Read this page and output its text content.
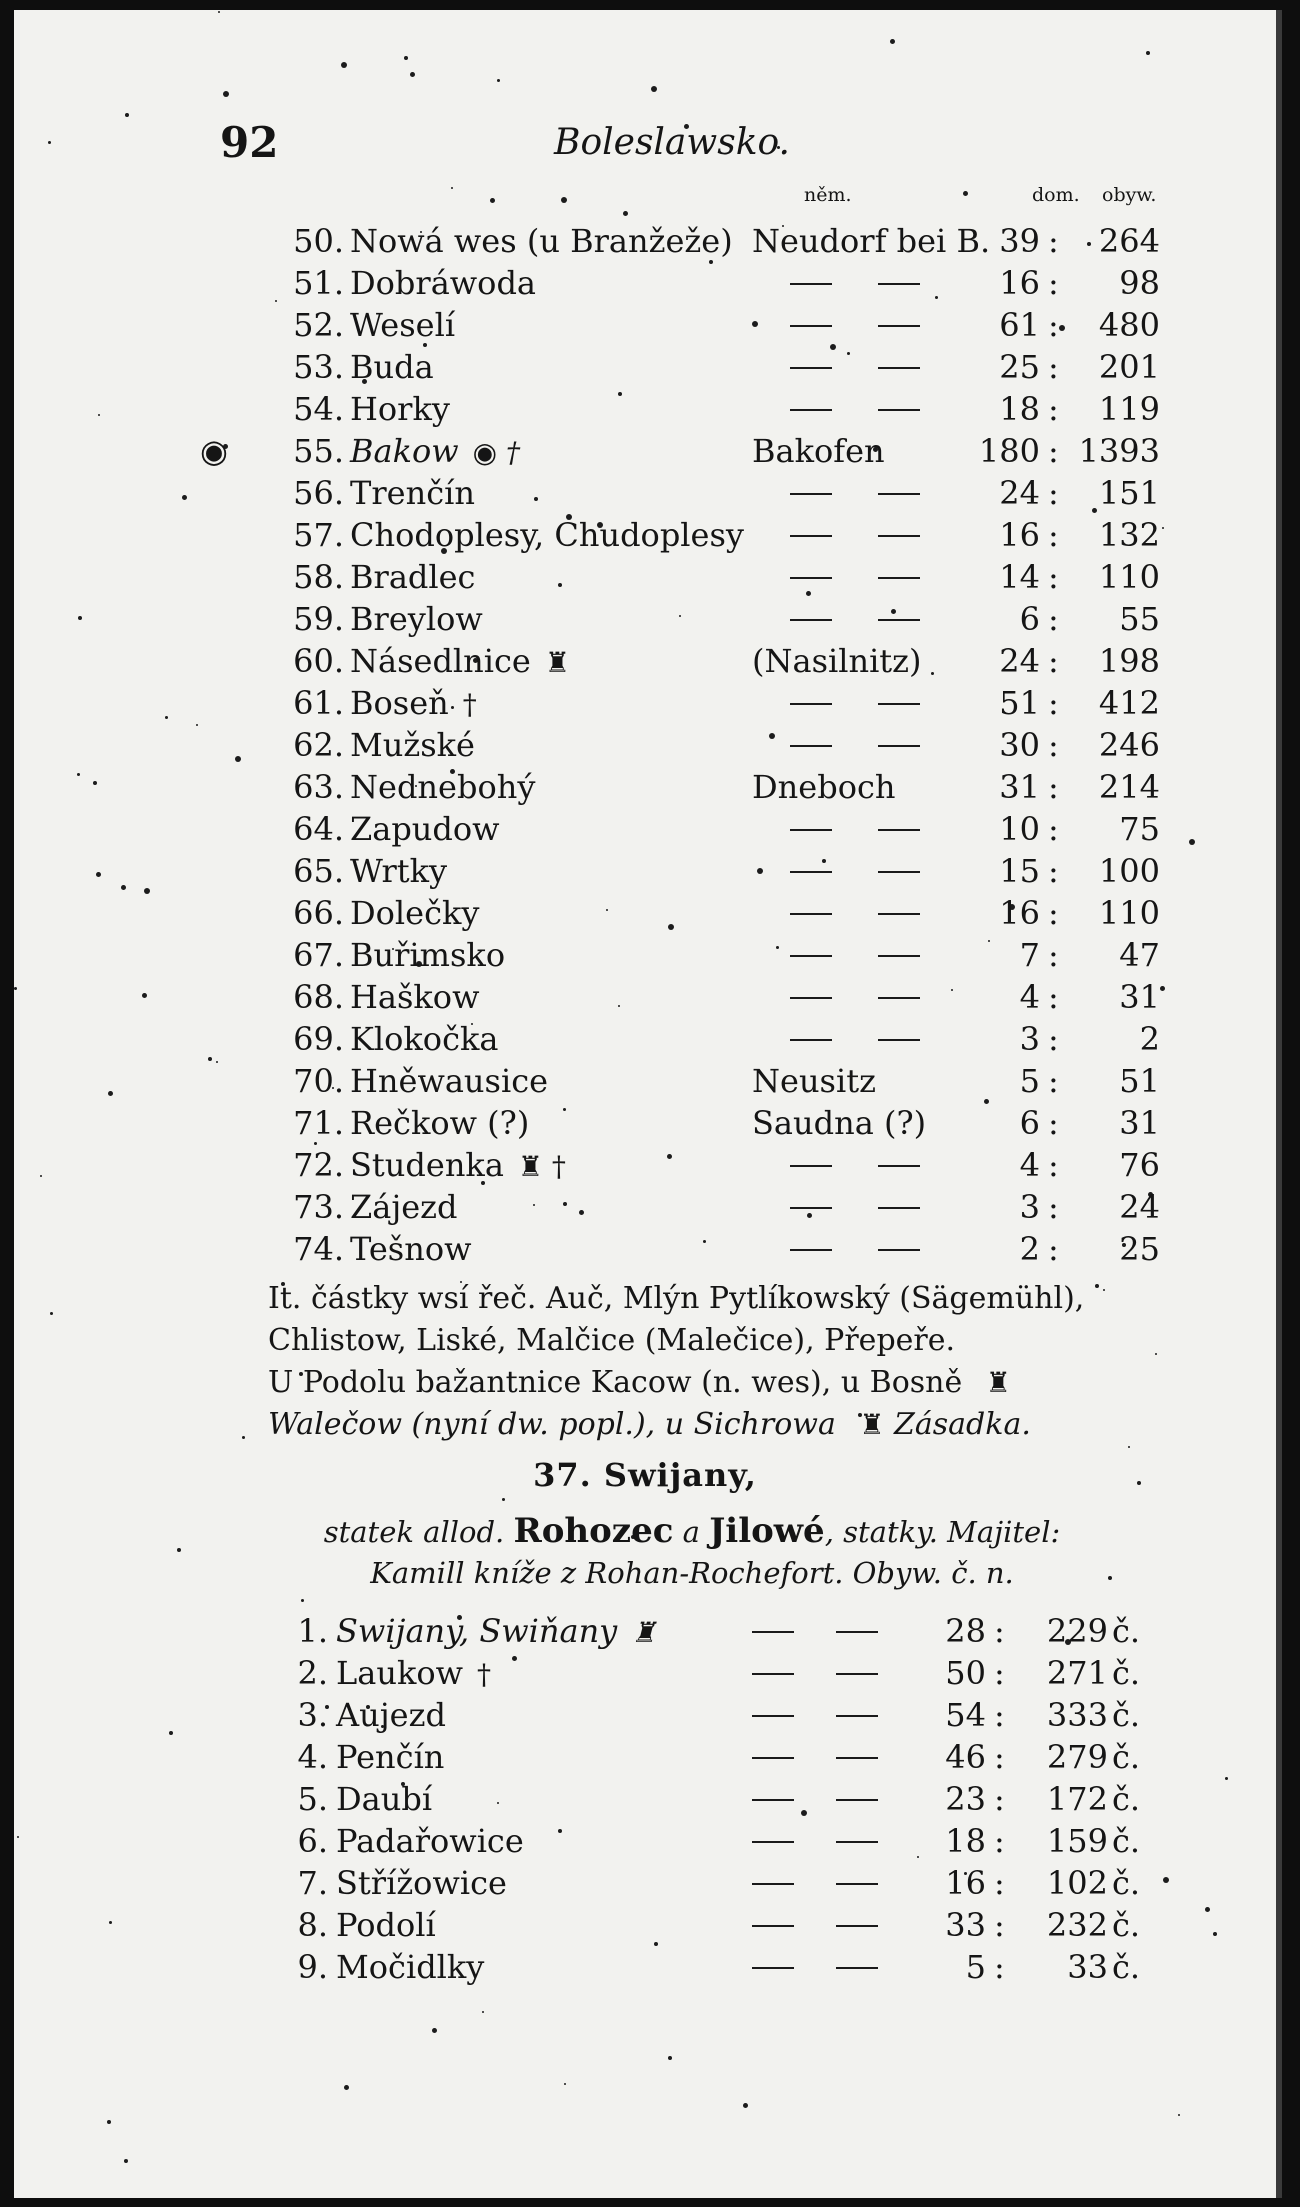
92	Boleslawsko.
něm.	dom. obyw.
50. Nowá wes (u Branžeže) Neudorf bei B. 39 :	264
51. Dobráwoda	16 :	98
52. Weselí	61 :	480
53. Buda	25 :	201
54. Horky	18 :	119
◉	55. Bakow ◉ †	Bakofen	180 : 1393
56. Trenčín	24 :	151
57. Chodoplesy, Chudoplesy	16 :	132
58. Bradlec	14 :	110
59. Breylow	6 :	55
60. Násedlnice ♜	(Nasilnitz)	24 :	198
61. Boseň †	51 :	412
62. Mužské	30 :	246
63. Nednebohý	Dneboch	31 :	214
64. Zapudow	10 :	75
65. Wrtky	15 :	100
66. Dolečky	16 :	110
67. Buřimsko	7 :	47
68. Haškow	4 :	31
69. Klokočka	3 :	2
70. Hněwausice	Neusitz	5 :	51
71. Rečkow (?)	Saudna (?)	6 :	31
72. Studenka ♜ †	4 :	76
73. Zájezd	3 :	24
74. Tešnow	2 :	25

It. částky wsí řeč. Auč, Mlýn Pytlíkowský (Sägemühl), Chlistow, Liské, Malčice (Malečice), Přepeře.

U Podolu bažantnice Kacow (n. wes), u Bosně ♜ Walečow (nyní dw. popl.), u Sichrowa ♜ Zásadka.

37. Swijany,
statek allod. Rohozec a Jilowé, statky. Majitel:
Kamill kníže z Rohan-Rochefort. Obyw. č. n.
1. Swijany, Swiňany ♜	28 :	229 č.
2. Laukow †	50 :	271 č.
3. Aujezd	54 :	333 č.
4. Penčín	46 :	279 č.
5. Daubí	23 :	172 č.
6. Padařowice	18 :	159 č.
7. Střížowice	16 :	102 č.
8. Podolí	33 :	232 č.
9. Močidlky	5 :	33 č.
